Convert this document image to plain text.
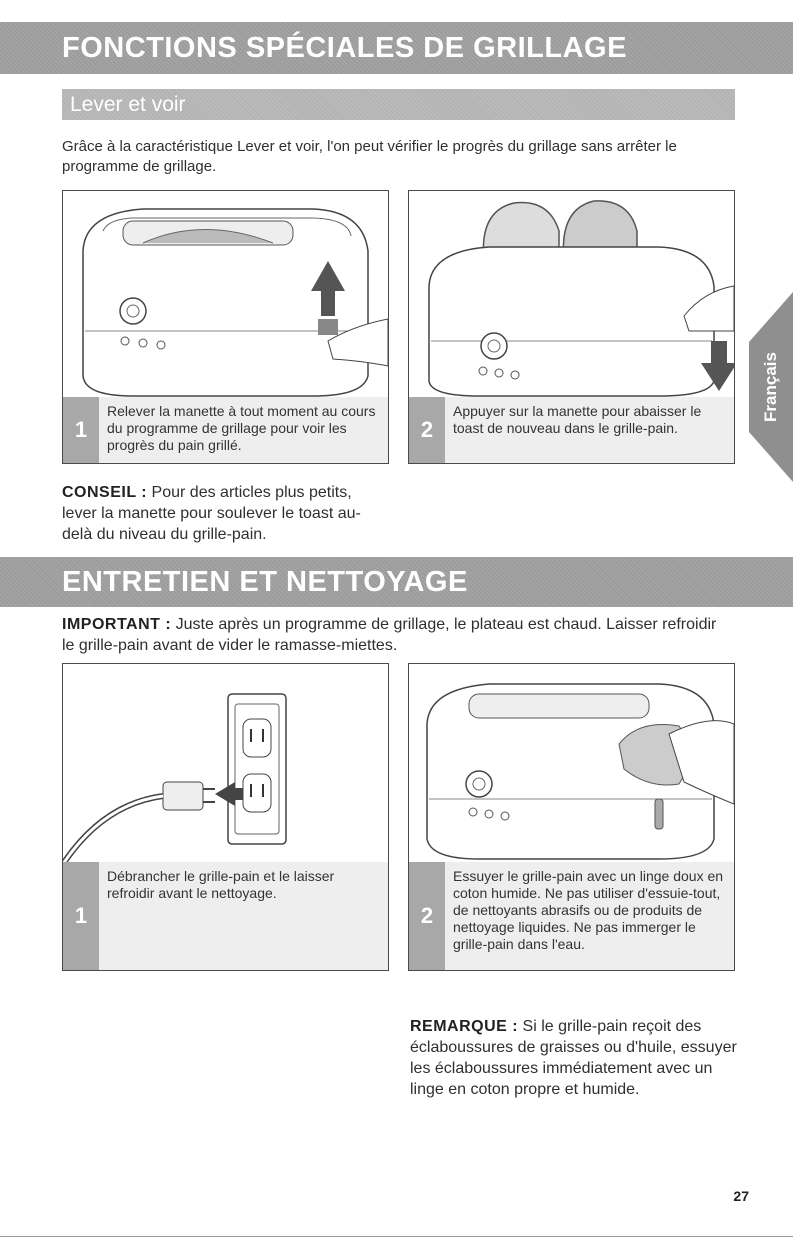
FONCTIONS SPÉCIALES DE GRILLAGE
Lever et voir
Grâce à la caractéristique Lever et voir, l'on peut vérifier le progrès du grillage sans arrêter le programme de grillage.
1
Relever la manette à tout moment au cours du programme de grillage pour voir les progrès du pain grillé.
2
Appuyer sur la manette pour abaisser le toast de nouveau dans le grille-pain.
CONSEIL : Pour des articles plus petits, lever la manette pour soulever le toast au-delà du niveau du grille-pain.
ENTRETIEN ET NETTOYAGE
IMPORTANT : Juste après un programme de grillage, le plateau est chaud. Laisser refroidir le grille-pain avant de vider le ramasse-miettes.
1
Débrancher le grille-pain et le laisser refroidir avant le nettoyage.
2
Essuyer le grille-pain avec un linge doux en coton humide. Ne pas utiliser d'essuie-tout, de nettoyants abrasifs ou de produits de nettoyage liquides. Ne pas immerger le grille-pain dans l'eau.
REMARQUE : Si le grille-pain reçoit des éclaboussures de graisses ou d'huile, essuyer les éclaboussures immédiatement avec un linge en coton propre et humide.
Français
27
